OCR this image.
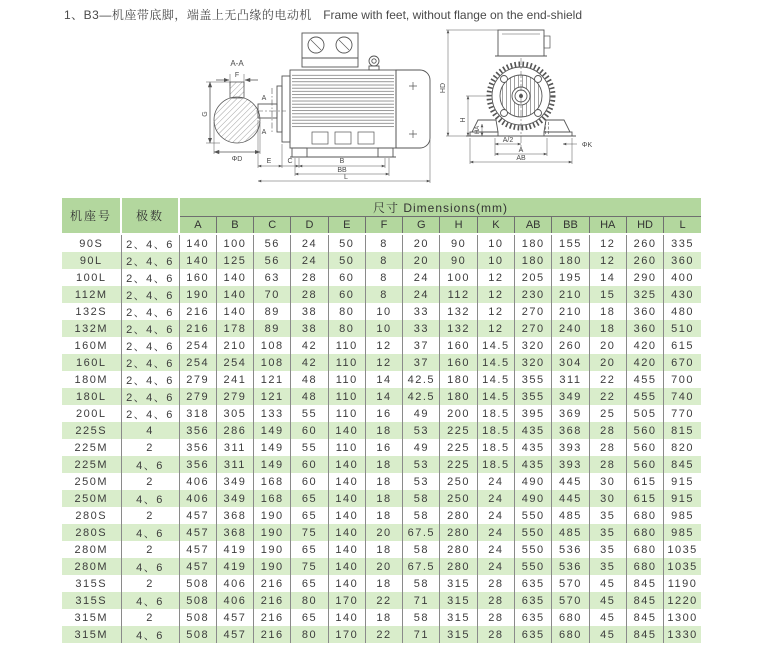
1、B3—机座带底脚，端盖上无凸缘的电动机 Frame with feet, without flange on the end-shield
A-A
F
G
ΦD
A
A
E C	B
BB
L
HD
H
HA
A/2
ΦK
A
AB
机座号	极数	尺寸 Dimensions(mm)													
		A	B	C	D	E	F	G	H	K	AB	BB	HA	HD	L
90S	2、4、6	140	100	56	24	50	8	20	90	10	180	155	12	260	335
90L	2、4、6	140	125	56	24	50	8	20	90	10	180	180	12	260	360
100L	2、4、6	160	140	63	28	60	8	24	100	12	205	195	14	290	400
112M	2、4、6	190	140	70	28	60	8	24	112	12	230	210	15	325	430
132S	2、4、6	216	140	89	38	80	10	33	132	12	270	210	18	360	480
132M	2、4、6	216	178	89	38	80	10	33	132	12	270	240	18	360	510
160M	2、4、6	254	210	108	42	110	12	37	160	14.5	320	260	20	420	615
160L	2、4、6	254	254	108	42	110	12	37	160	14.5	320	304	20	420	670
180M	2、4、6	279	241	121	48	110	14	42.5	180	14.5	355	311	22	455	700
180L	2、4、6	279	279	121	48	110	14	42.5	180	14.5	355	349	22	455	740
200L	2、4、6	318	305	133	55	110	16	49	200	18.5	395	369	25	505	770
225S	4	356	286	149	60	140	18	53	225	18.5	435	368	28	560	815
225M	2	356	311	149	55	110	16	49	225	18.5	435	393	28	560	820
225M	4、6	356	311	149	60	140	18	53	225	18.5	435	393	28	560	845
250M	2	406	349	168	60	140	18	53	250	24	490	445	30	615	915
250M	4、6	406	349	168	65	140	18	58	250	24	490	445	30	615	915
280S	2	457	368	190	65	140	18	58	280	24	550	485	35	680	985
280S	4、6	457	368	190	75	140	20	67.5	280	24	550	485	35	680	985
280M	2	457	419	190	65	140	18	58	280	24	550	536	35	680	1035
280M	4、6	457	419	190	75	140	20	67.5	280	24	550	536	35	680	1035
315S	2	508	406	216	65	140	18	58	315	28	635	570	45	845	1190
315S	4、6	508	406	216	80	170	22	71	315	28	635	570	45	845	1220
315M	2	508	457	216	65	140	18	58	315	28	635	680	45	845	1300
315M	4、6	508	457	216	80	170	22	71	315	28	635	680	45	845	1330
